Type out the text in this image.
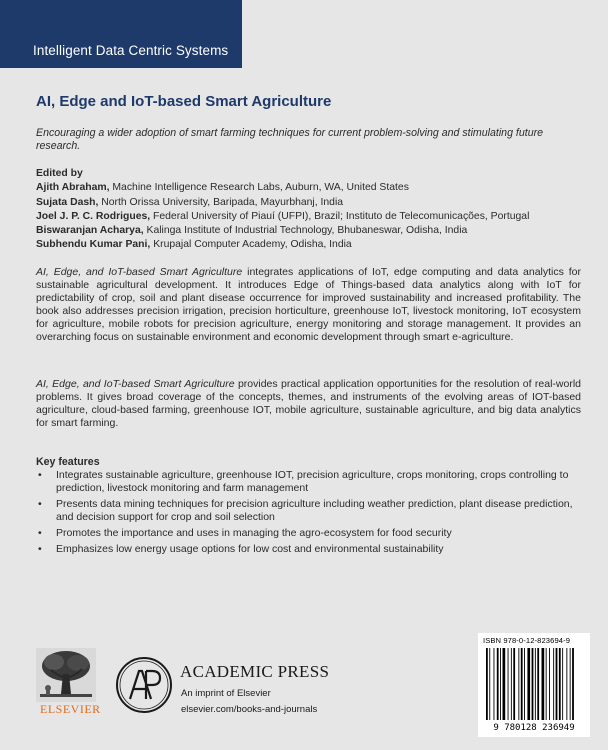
Intelligent Data Centric Systems
AI, Edge and IoT-based Smart Agriculture

Encouraging a wider adoption of smart farming techniques for current problem-solving and stimulating future research.

Edited by
Ajith Abraham, Machine Intelligence Research Labs, Auburn, WA, United States
Sujata Dash, North Orissa University, Baripada, Mayurbhanj, India
Joel J. P. C. Rodrigues, Federal University of Piauí (UFPI), Brazil; Instituto de Telecomunicações, Portugal
Biswaranjan Acharya, Kalinga Institute of Industrial Technology, Bhubaneswar, Odisha, India
Subhendu Kumar Pani, Krupajal Computer Academy, Odisha, India

AI, Edge, and IoT-based Smart Agriculture integrates applications of IoT, edge computing and data analytics for sustainable agricultural development. It introduces Edge of Things-based data analytics along with IoT for predictability of crop, soil and plant disease occurrence for improved sustainability and increased profitability. The book also addresses precision irrigation, precision horticulture, greenhouse IoT, livestock monitoring, IoT ecosystem for agriculture, mobile robots for precision agriculture, energy monitoring and storage management. It provides an overarching focus on sustainable environment and economic development through smart e-agriculture.

AI, Edge, and IoT-based Smart Agriculture provides practical application opportunities for the resolution of real-world problems. It gives broad coverage of the concepts, themes, and instruments of the evolving areas of IOT-based agriculture, cloud-based farming, greenhouse IOT, mobile agriculture, sustainable agriculture, and big data analytics for smart farming.

Key features

• Integrates sustainable agriculture, greenhouse IOT, precision agriculture, crops monitoring, crops controlling to prediction, livestock monitoring and farm management
• Presents data mining techniques for precision agriculture including weather prediction, plant disease prediction, and decision support for crop and soil selection
• Promotes the importance and uses in managing the agro-ecosystem for food security
• Emphasizes low energy usage options for low cost and environmental sustainability
ELSEVIER
ACADEMIC PRESS
An imprint of Elsevier
elsevier.com/books-and-journals
ISBN 978-0-12-823694-9
9 780128 236949
